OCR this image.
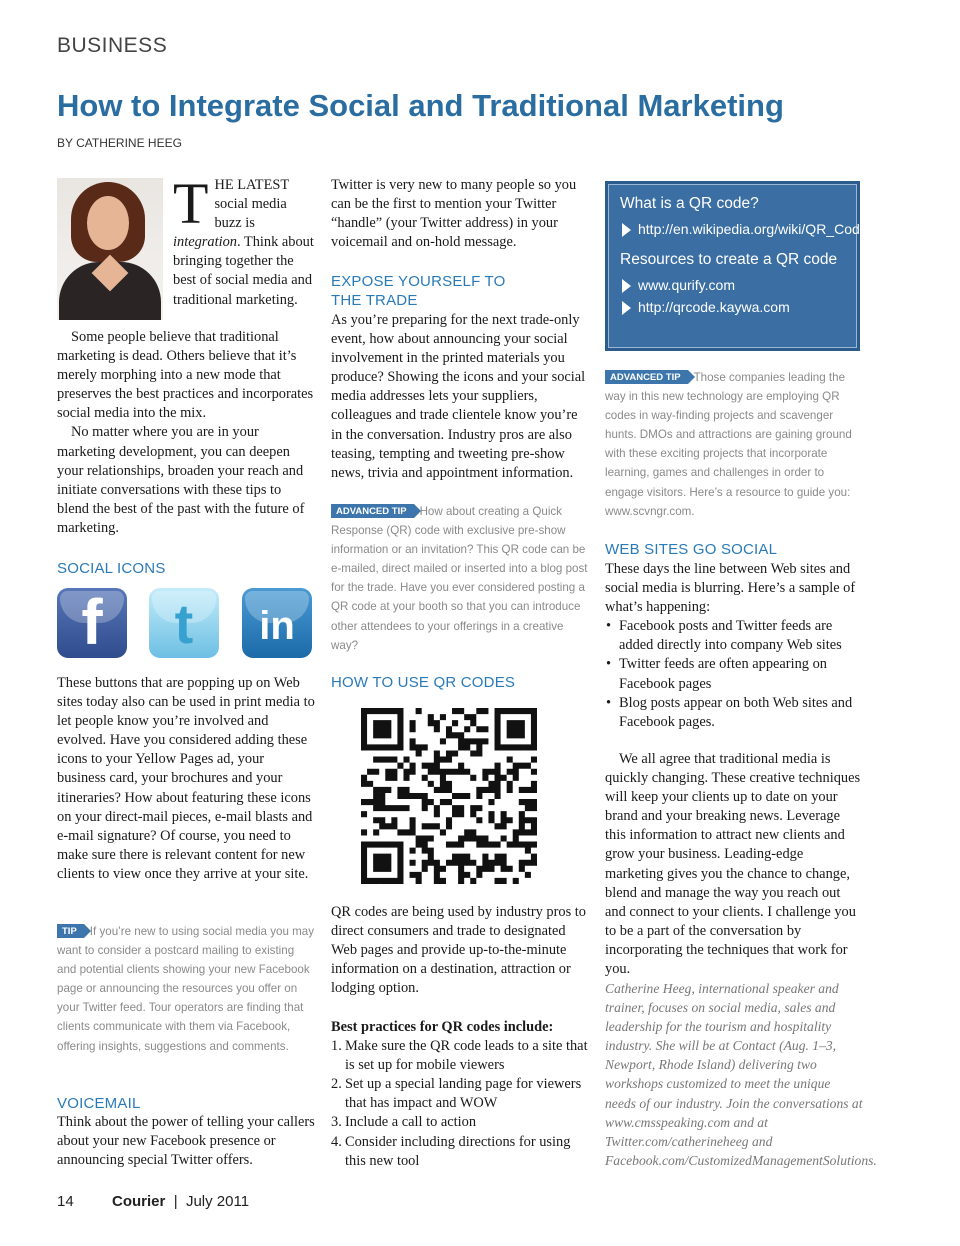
BUSINESS
How to Integrate Social and Traditional Marketing
BY CATHERINE HEEG

THE LATEST social media buzz is integration. Think about bringing together the best of social media and traditional marketing.

Some people believe that traditional marketing is dead. Others believe that it’s merely morphing into a new mode that preserves the best practices and incorporates social media into the mix.

No matter where you are in your marketing development, you can deepen your relationships, broaden your reach and initiate conversations with these tips to blend the best of the past with the future of marketing.

SOCIAL ICONS
f	t	in

These buttons that are popping up on Web sites today also can be used in print media to let people know you’re involved and evolved. Have you considered adding these icons to your Yellow Pages ad, your business card, your brochures and your itineraries? How about featuring these icons on your direct-mail pieces, e-mail blasts and e-mail signature? Of course, you need to make sure there is relevant content for new clients to view once they arrive at your site.

TIP If you’re new to using social media you may want to consider a postcard mailing to existing and potential clients showing your new Facebook page or announcing the resources you offer on your Twitter feed. Tour operators are finding that clients communicate with them via Facebook, offering insights, suggestions and comments.
VOICEMAIL

Think about the power of telling your callers about your new Facebook presence or announcing special Twitter offers.

Twitter is very new to many people so you can be the first to mention your Twitter “handle” (your Twitter address) in your voicemail and on-hold message.

EXPOSE YOURSELF TO THE TRADE

As you’re preparing for the next trade-only event, how about announcing your social involvement in the printed materials you produce? Showing the icons and your social media addresses lets your suppliers, colleagues and trade clientele know you’re in the conversation. Industry pros are also teasing, tempting and tweeting pre-show news, trivia and appointment information.

ADVANCED TIP How about creating a Quick Response (QR) code with exclusive pre-show information or an invitation? This QR code can be e-mailed, direct mailed or inserted into a blog post for the trade. Have you ever considered posting a QR code at your booth so that you can introduce other attendees to your offerings in a creative way?
HOW TO USE QR CODES

QR codes are being used by industry pros to direct consumers and trade to designated Web pages and provide up-to-the-minute information on a destination, attraction or lodging option.

Best practices for QR codes include:

1. Make sure the QR code leads to a site that is set up for mobile viewers
2. Set up a special landing page for viewers that has impact and WOW
3. Include a call to action
4. Consider including directions for using this new tool
What is a QR code?
http://en.wikipedia.org/wiki/QR_Code
Resources to create a QR code
www.qurify.com
http://qrcode.kaywa.com
ADVANCED TIP Those companies leading the way in this new technology are employing QR codes in way-finding projects and scavenger hunts. DMOs and attractions are gaining ground with these exciting projects that incorporate learning, games and challenges in order to engage visitors. Here’s a resource to guide you: www.scvngr.com.
WEB SITES GO SOCIAL

These days the line between Web sites and social media is blurring. Here’s a sample of what’s happening:

• Facebook posts and Twitter feeds are added directly into company Web sites
• Twitter feeds are often appearing on Facebook pages
• Blog posts appear on both Web sites and Facebook pages.

We all agree that traditional media is quickly changing. These creative techniques will keep your clients up to date on your brand and your breaking news. Leverage this information to attract new clients and grow your business. Leading-edge marketing gives you the chance to change, blend and manage the way you reach out and connect to your clients. I challenge you to be a part of the conversation by incorporating the techniques that work for you.

Catherine Heeg, international speaker and trainer, focuses on social media, sales and leadership for the tourism and hospitality industry. She will be at Contact (Aug. 1–3, Newport, Rhode Island) delivering two workshops customized to meet the unique needs of our industry. Join the conversations at www.cmsspeaking.com and at Twitter.com/catherineheeg and Facebook.com/CustomizedManagementSolutions.
14	Courier | July 2011
